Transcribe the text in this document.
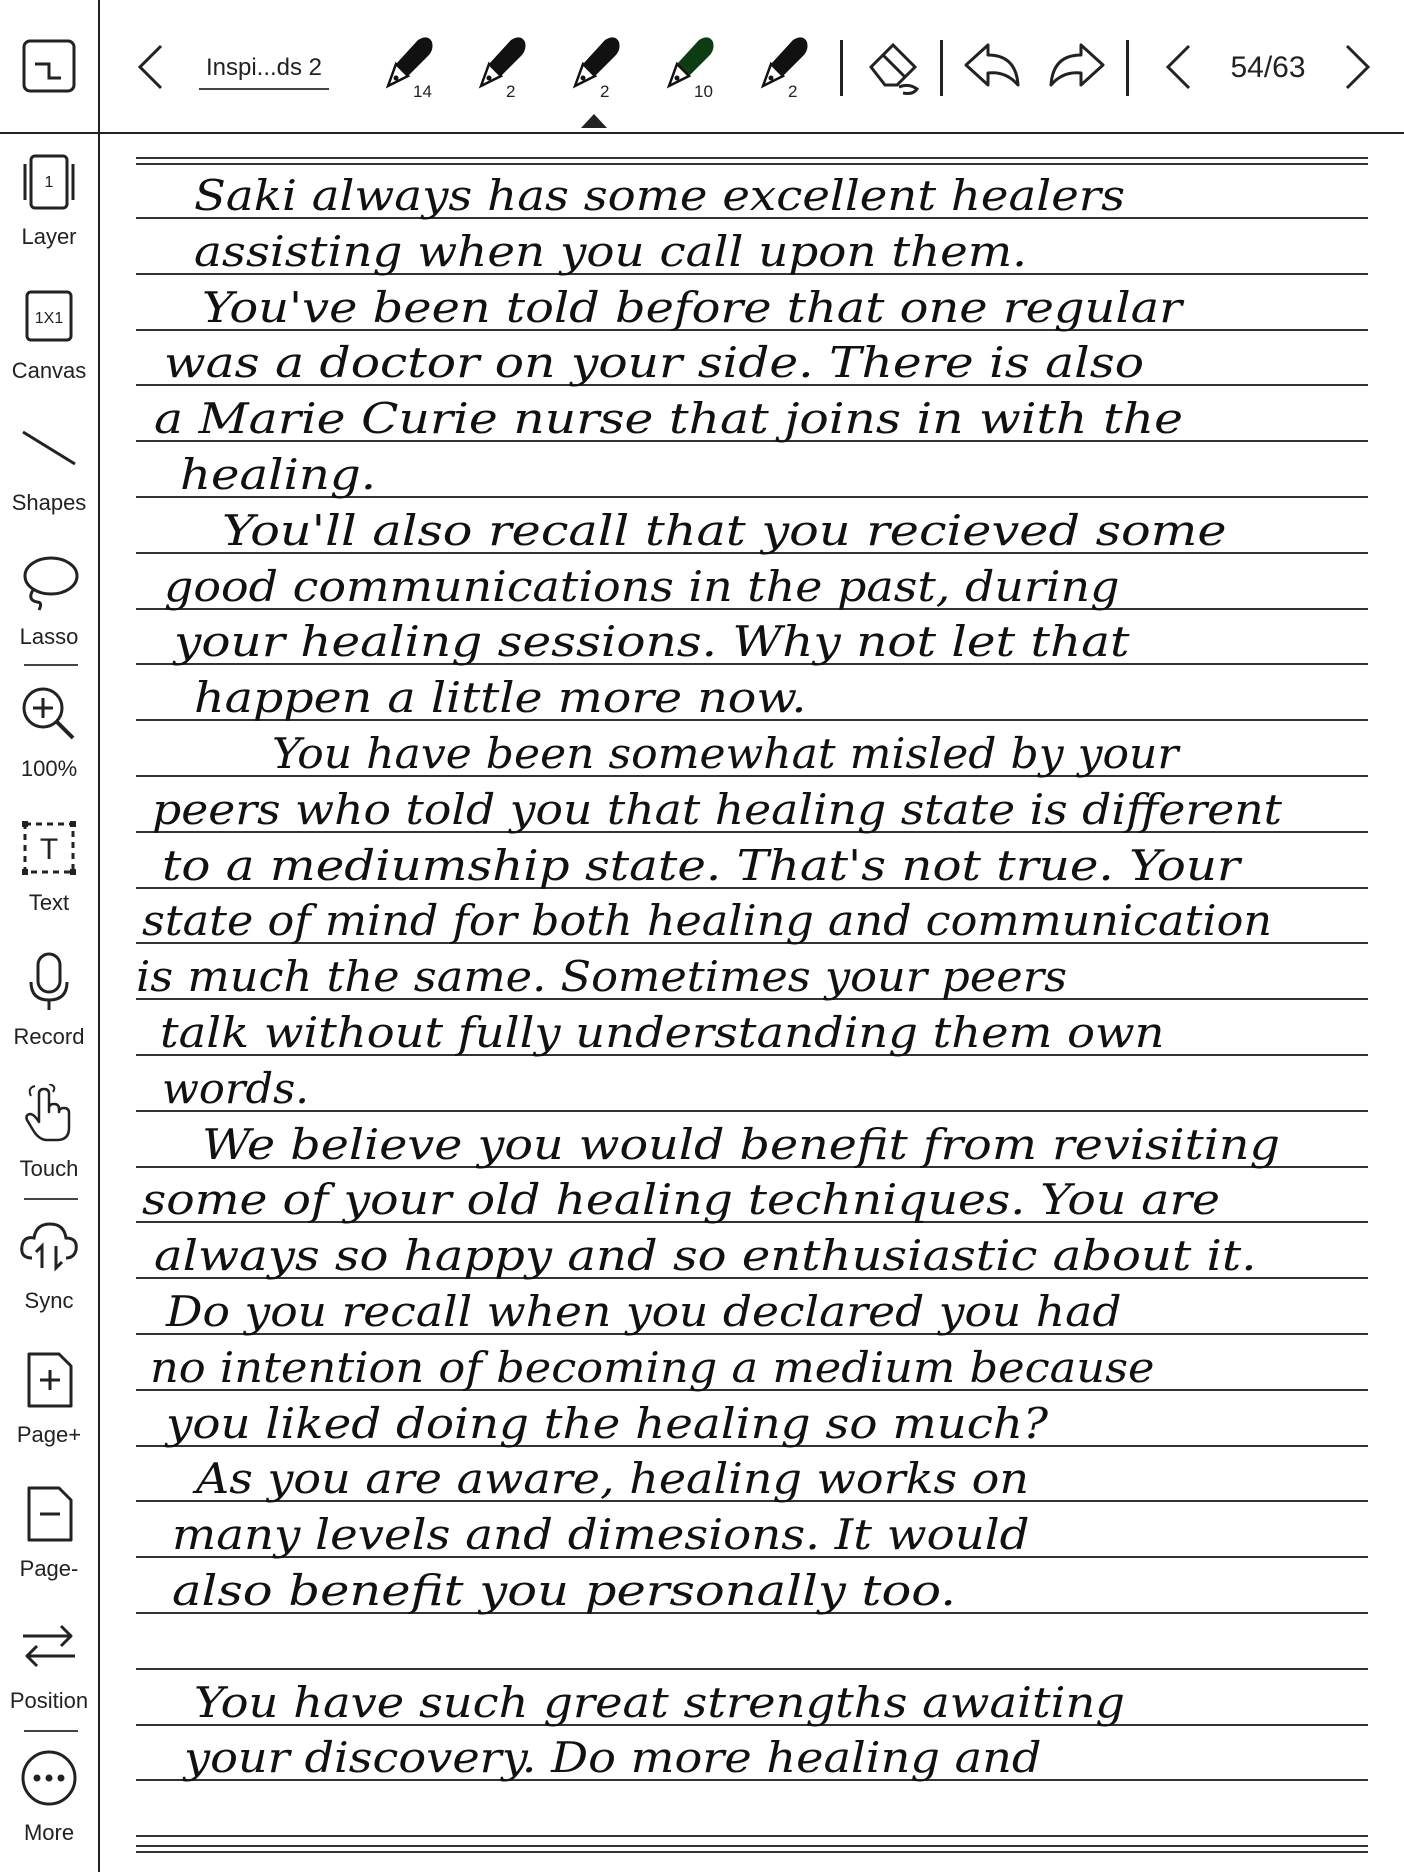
Inspi...ds 2
14	2	2	10	2
54/63
1
Layer
1X1
Canvas
Shapes
Lasso
100%
T
Text
Record
Touch
Sync
Page+
Page-
Position
More
Saki always has some excellent healers
assisting when you call upon them.
You've been told before that one regular
was a doctor on your side. There is also
a Marie Curie nurse that joins in with the
healing.
You'll also recall that you recieved some
good communications in the past, during
your healing sessions. Why not let that
happen a little more now.
You have been somewhat misled by your
peers who told you that healing state is different
to a mediumship state. That's not true. Your
state of mind for both healing and communication
is much the same. Sometimes your peers
talk without fully understanding them own
words.
We believe you would benefit from revisiting
some of your old healing techniques. You are
always so happy and so enthusiastic about it.
Do you recall when you declared you had
no intention of becoming a medium because
you liked doing the healing so much?
As you are aware, healing works on
many levels and dimesions. It would
also benefit you personally too.
You have such great strengths awaiting
your discovery. Do more healing and
